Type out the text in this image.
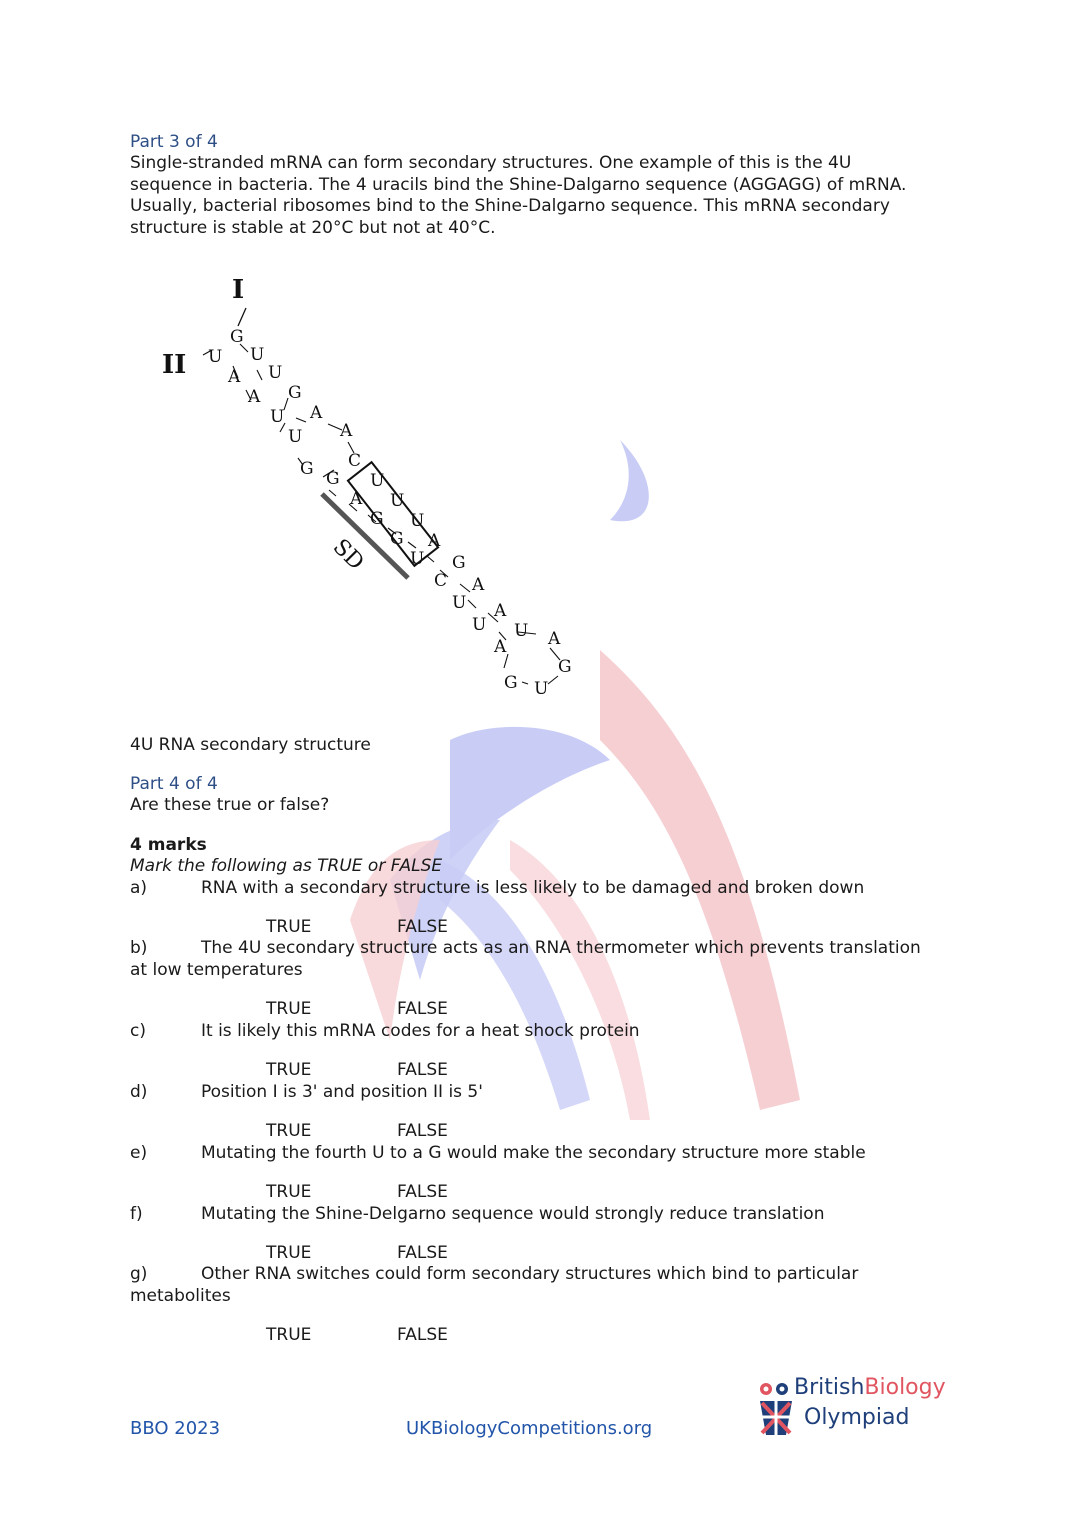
Part 3 of 4
Single-stranded mRNA can form secondary structures. One example of this is the 4U
sequence in bacteria. The 4 uracils bind the Shine-Dalgarno sequence (AGGAGG) of mRNA.
Usually, bacterial ribosomes bind to the Shine-Dalgarno sequence. This mRNA secondary
structure is stable at 20°C but not at 40°C.
I
II
SD
G
U U
U
A
G
A
U A
U A
G C
G U
A U
G U
G A
U
C
G
A
U A
U U
A A
G
G U
4U RNA secondary structure
Part 4 of 4
Are these true or false?
4 marks
Mark the following as TRUE or FALSE
a)	RNA with a secondary structure is less likely to be damaged and broken down
TRUE	FALSE
b)	The 4U secondary structure acts as an RNA thermometer which prevents translation
at low temperatures
TRUE	FALSE
c)	It is likely this mRNA codes for a heat shock protein
TRUE	FALSE
d)	Position I is 3' and position II is 5'
TRUE	FALSE
e)	Mutating the fourth U to a G would make the secondary structure more stable
TRUE	FALSE
f)	Mutating the Shine-Delgarno sequence would strongly reduce translation
TRUE	FALSE
g)	Other RNA switches could form secondary structures which bind to particular
metabolites
TRUE	FALSE
BBO 2023	UKBiologyCompetitions.org
BritishBiology
Olympiad
